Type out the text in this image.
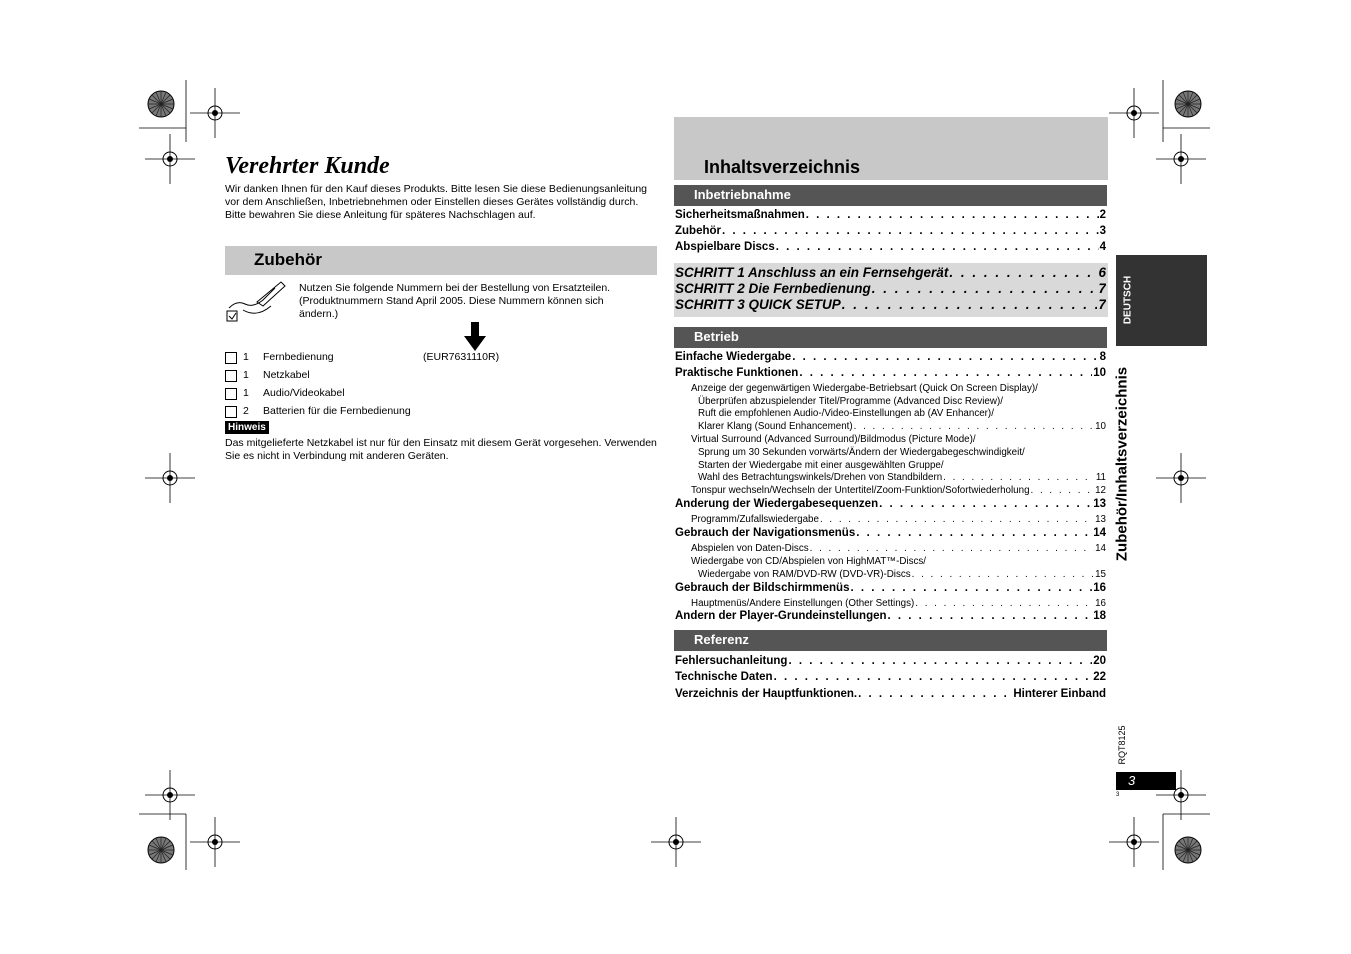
Verehrter Kunde
Wir danken Ihnen für den Kauf dieses Produkts. Bitte lesen Sie diese Bedienungsanleitung vor dem Anschließen, Inbetriebnehmen oder Einstellen dieses Gerätes vollständig durch. Bitte bewahren Sie diese Anleitung für späteres Nachschlagen auf.
Zubehör
Nutzen Sie folgende Nummern bei der Bestellung von Ersatzteilen. (Produktnummern Stand April 2005. Diese Nummern können sich ändern.)
1 Fernbedienung	(EUR7631110R)
1 Netzkabel
1 Audio/Videokabel
2 Batterien für die Fernbedienung
Hinweis
Das mitgelieferte Netzkabel ist nur für den Einsatz mit diesem Gerät vorgesehen. Verwenden Sie es nicht in Verbindung mit anderen Geräten.
Inhaltsverzeichnis
Inbetriebnahme
Sicherheitsmaßnahmen . . .	2
Zubehör . . .	3
Abspielbare Discs . . .	4
SCHRITT 1 Anschluss an ein Fernsehgerät . . .	6
SCHRITT 2 Die Fernbedienung . . .	7
SCHRITT 3 QUICK SETUP . . .	7
Betrieb
Einfache Wiedergabe . . .	8
Praktische Funktionen . . .	10
Anzeige der gegenwärtigen Wiedergabe-Betriebsart (Quick On Screen Display)/
Überprüfen abzuspielender Titel/Programme (Advanced Disc Review)/
Ruft die empfohlenen Audio-/Video-Einstellungen ab (AV Enhancer)/
Klarer Klang (Sound Enhancement) . . .	10
Virtual Surround (Advanced Surround)/Bildmodus (Picture Mode)/
Sprung um 30 Sekunden vorwärts/Ändern der Wiedergabegeschwindigkeit/
Starten der Wiedergabe mit einer ausgewählten Gruppe/
Wahl des Betrachtungswinkels/Drehen von Standbildern . . .	11
Tonspur wechseln/Wechseln der Untertitel/Zoom-Funktion/Sofortwiederholung . . .	12
Änderung der Wiedergabesequenzen . . .	13
Programm/Zufallswiedergabe . . .	13
Gebrauch der Navigationsmenüs . . .	14
Abspielen von Daten-Discs . . .	14
Wiedergabe von CD/Abspielen von HighMAT™-Discs/
Wiedergabe von RAM/DVD-RW (DVD-VR)-Discs . . .	15
Gebrauch der Bildschirmmenüs . . .	16
Hauptmenüs/Andere Einstellungen (Other Settings) . . .	16
Ändern der Player-Grundeinstellungen . . .	18
Referenz
Fehlersuchanleitung . . .	20
Technische Daten . . .	22
Verzeichnis der Hauptfunktionen. . . .	Hinterer Einband
DEUTSCH
Zubehör/Inhaltsverzeichnis
RQT8125
3
3
